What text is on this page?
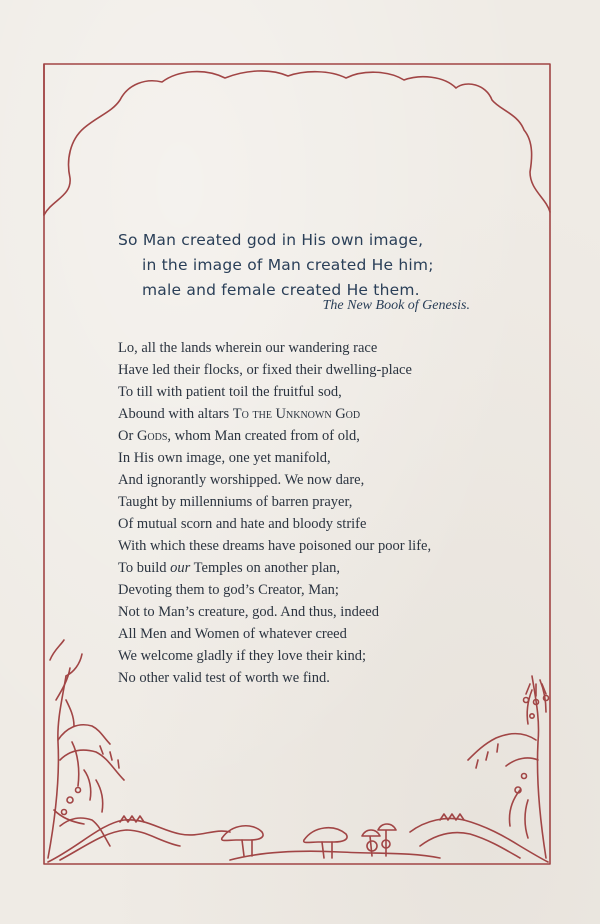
So Man created god in His own image,
in the image of Man created He him;
male and female created He them.
The New Book of Genesis.
Lo, all the lands wherein our wandering race
Have led their flocks, or fixed their dwelling-place
To till with patient toil the fruitful sod,
Abound with altars To the Unknown God
Or Gods, whom Man created from of old,
In His own image, one yet manifold,
And ignorantly worshipped. We now dare,
Taught by millenniums of barren prayer,
Of mutual scorn and hate and bloody strife
With which these dreams have poisoned our poor life,
To build our Temples on another plan,
Devoting them to god’s Creator, Man;
Not to Man’s creature, god. And thus, indeed
All Men and Women of whatever creed
We welcome gladly if they love their kind;
No other valid test of worth we find.
